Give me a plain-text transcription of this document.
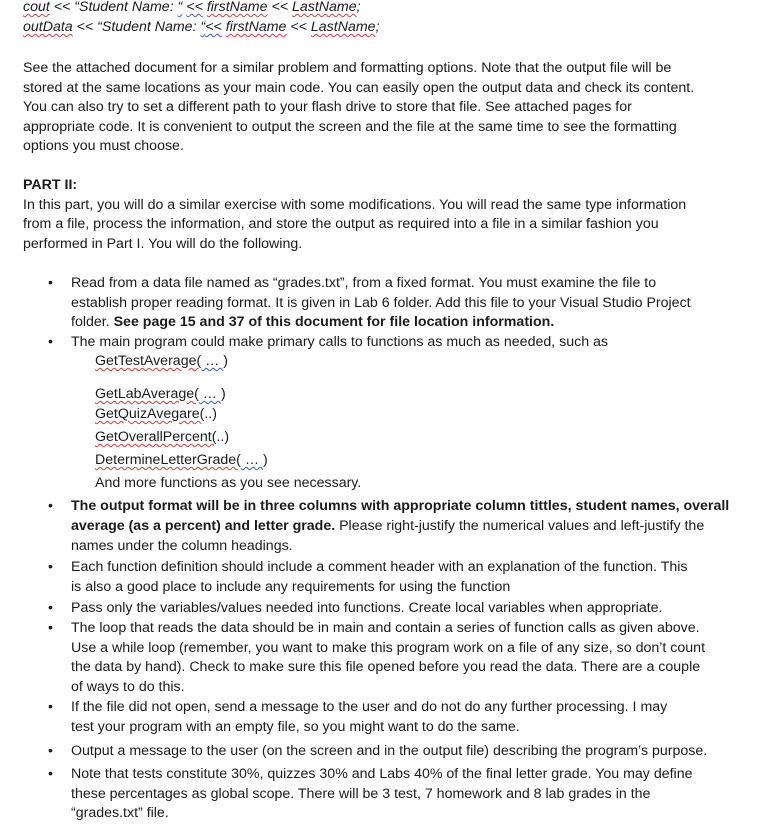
cout << “Student Name: “ << firstName << LastName;
outData << “Student Name: “<< firstName << LastName;
See the attached document for a similar problem and formatting options. Note that the output file will be
stored at the same locations as your main code. You can easily open the output data and check its content.
You can also try to set a different path to your flash drive to store that file. See attached pages for
appropriate code. It is convenient to output the screen and the file at the same time to see the formatting
options you must choose.
PART II:
In this part, you will do a similar exercise with some modifications. You will read the same type information
from a file, process the information, and store the output as required into a file in a similar fashion you
performed in Part I. You will do the following.
• Read from a data file named as “grades.txt”, from a fixed format. You must examine the file to
establish proper reading format. It is given in Lab 6 folder. Add this file to your Visual Studio Project
folder. See page 15 and 37 of this document for file location information.
• The main program could make primary calls to functions as much as needed, such as
GetTestAverage( … )
GetLabAverage( … )
GetQuizAvegare(..)
GetOverallPercent(..)
DetermineLetterGrade( … )
And more functions as you see necessary.
• The output format will be in three columns with appropriate column tittles, student names, overall
average (as a percent) and letter grade. Please right-justify the numerical values and left-justify the
names under the column headings.
• Each function definition should include a comment header with an explanation of the function. This
is also a good place to include any requirements for using the function
• Pass only the variables/values needed into functions. Create local variables when appropriate.
• The loop that reads the data should be in main and contain a series of function calls as given above.
Use a while loop (remember, you want to make this program work on a file of any size, so don’t count
the data by hand). Check to make sure this file opened before you read the data. There are a couple
of ways to do this.
• If the file did not open, send a message to the user and do not do any further processing. I may
test your program with an empty file, so you might want to do the same.
• Output a message to the user (on the screen and in the output file) describing the program’s purpose.
• Note that tests constitute 30%, quizzes 30% and Labs 40% of the final letter grade. You may define
these percentages as global scope. There will be 3 test, 7 homework and 8 lab grades in the
“grades.txt” file.
